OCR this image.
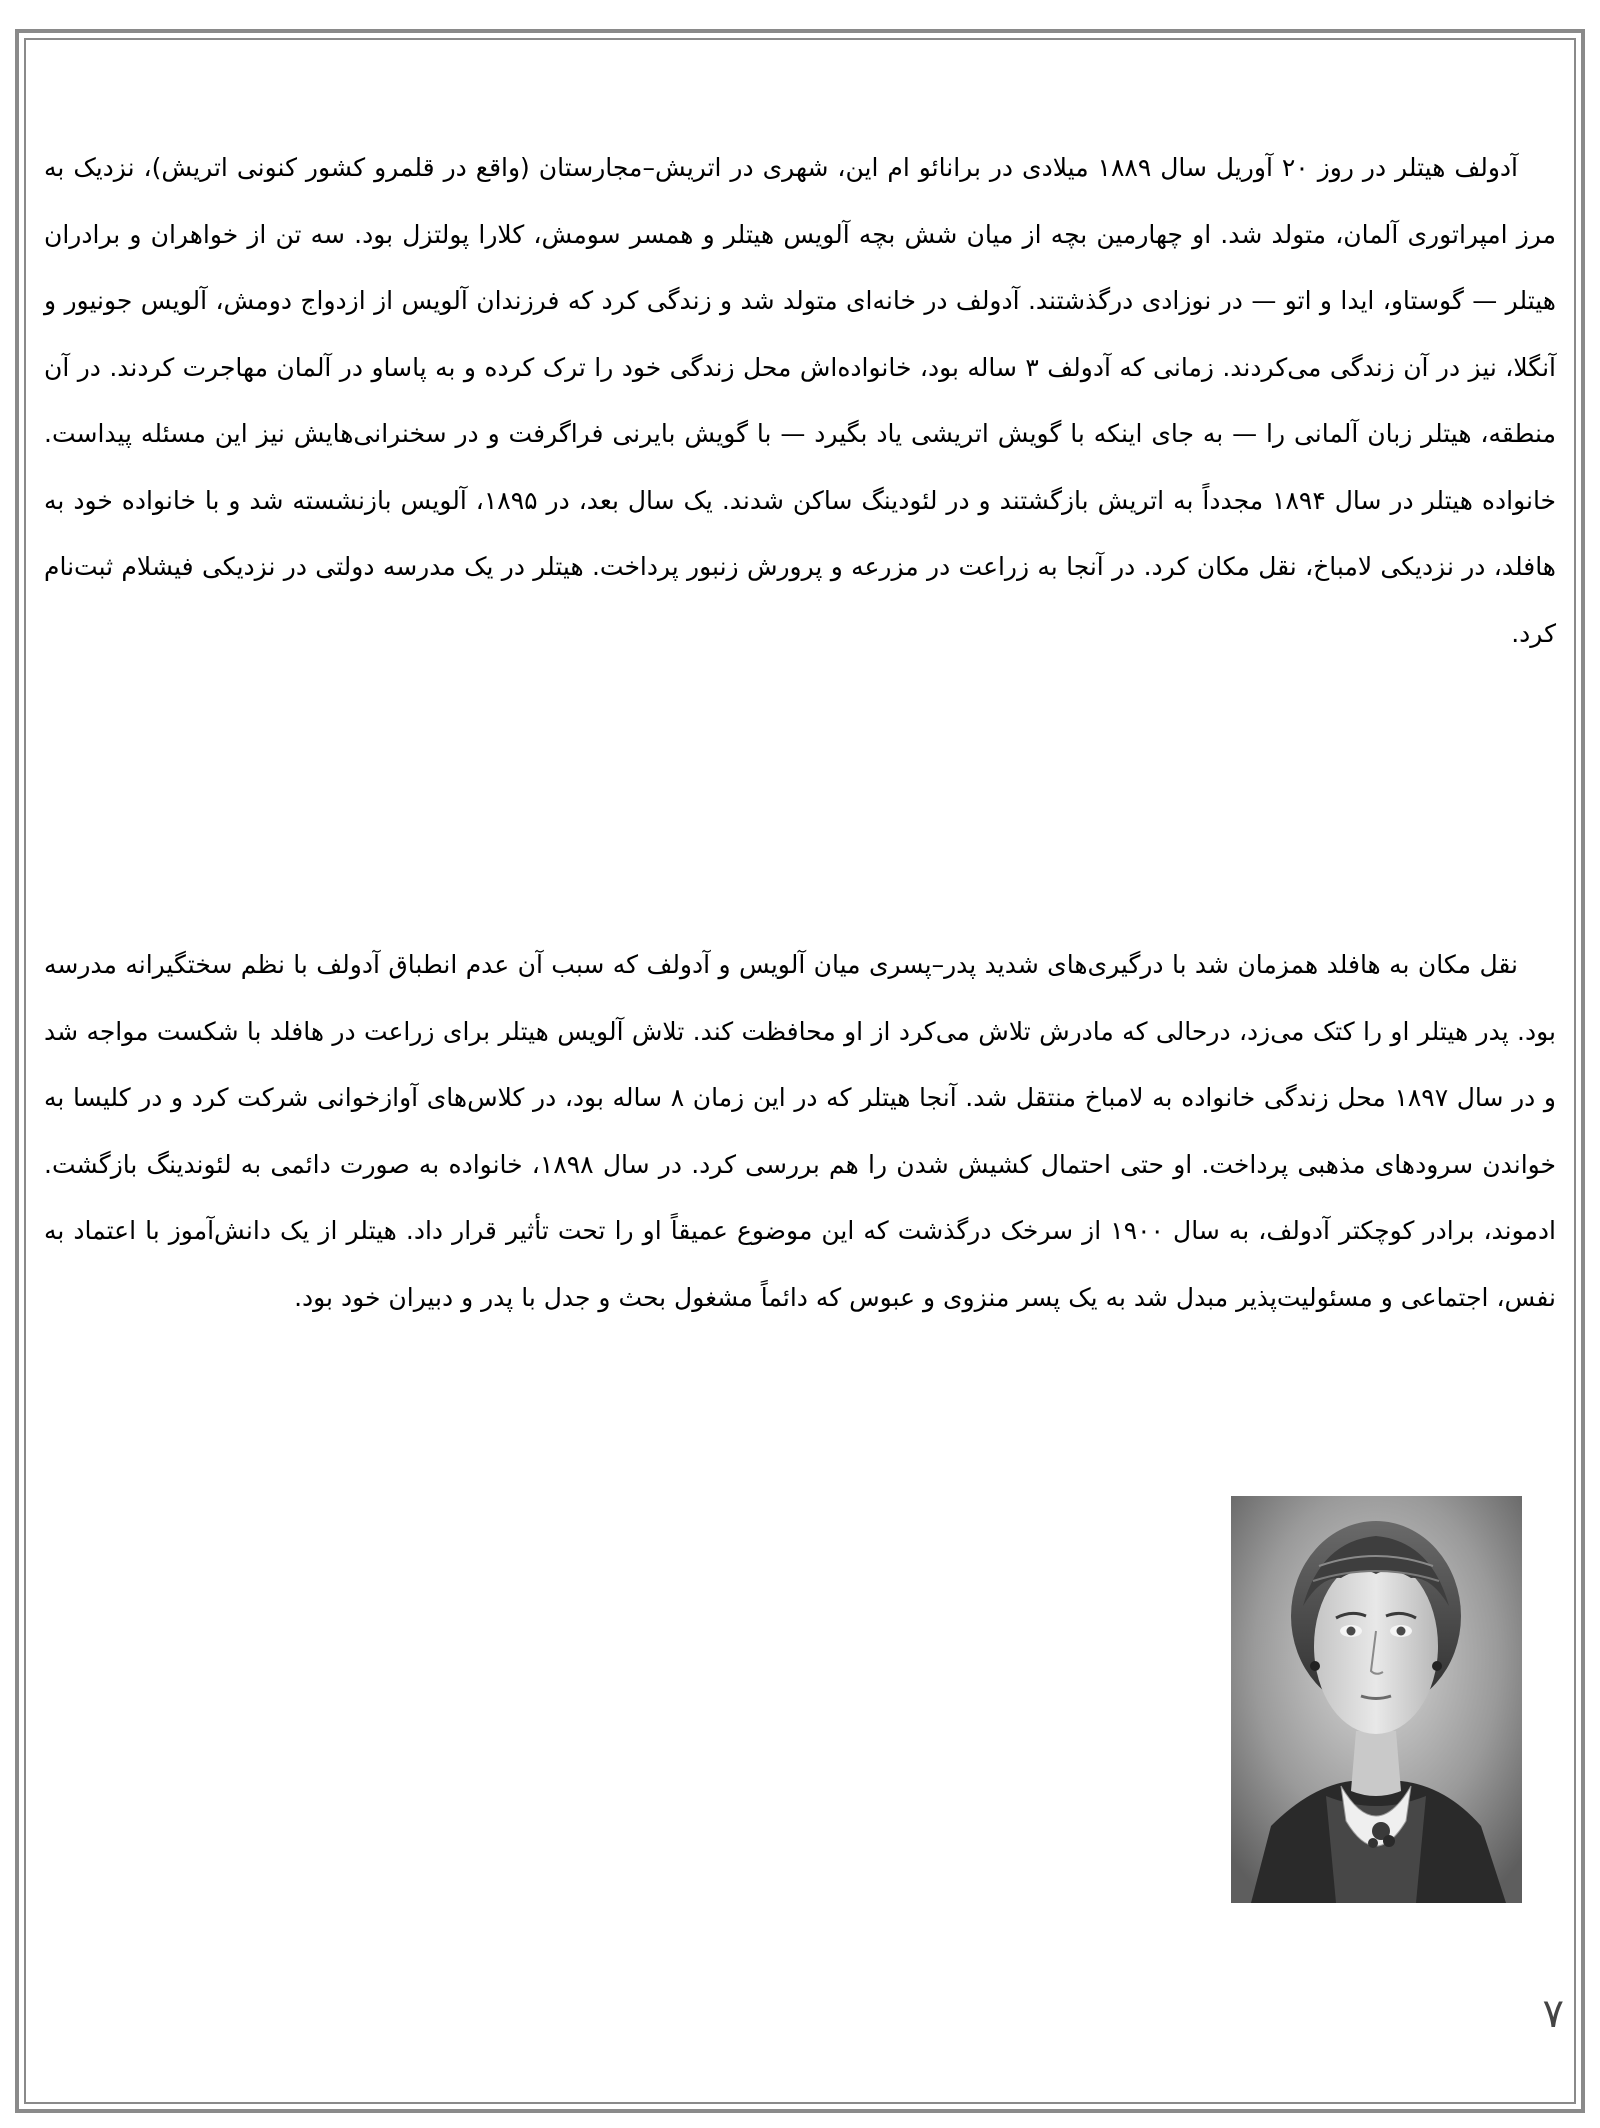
آدولف هیتلر در روز ۲۰ آوریل سال ۱۸۸۹ میلادی در برانائو ام این، شهری در اتریش–مجارستان (واقع در قلمرو کشور کنونی اتریش)، نزدیک به مرز امپراتوری آلمان، متولد شد. او چهارمین بچه از میان شش بچه آلویس هیتلر و همسر سومش، کلارا پولتزل بود. سه تن از خواهران و برادران هیتلر — گوستاو، ایدا و اتو — در نوزادی درگذشتند. آدولف در خانه‌ای متولد شد و زندگی کرد که فرزندان آلویس از ازدواج دومش، آلویس جونیور و آنگلا، نیز در آن زندگی می‌کردند. زمانی که آدولف ۳ ساله بود، خانواده‌اش محل زندگی خود را ترک کرده و به پاساو در آلمان مهاجرت کردند. در آن منطقه، هیتلر زبان آلمانی را — به جای اینکه با گویش اتریشی یاد بگیرد — با گویش بایرنی فراگرفت و در سخنرانی‌هایش نیز این مسئله پیداست. خانواده هیتلر در سال ۱۸۹۴ مجدداً به اتریش بازگشتند و در لئودینگ ساکن شدند. یک سال بعد، در ۱۸۹۵، آلویس بازنشسته شد و با خانواده خود به هافلد، در نزدیکی لامباخ، نقل مکان کرد. در آنجا به زراعت در مزرعه و پرورش زنبور پرداخت. هیتلر در یک مدرسه دولتی در نزدیکی فیشلام ثبت‌نام کرد.

نقل مکان به هافلد همزمان شد با درگیری‌های شدید پدر–پسری میان آلویس و آدولف که سبب آن عدم انطباق آدولف با نظم سختگیرانه مدرسه بود. پدر هیتلر او را کتک می‌زد، درحالی که مادرش تلاش می‌کرد از او محافظت کند. تلاش آلویس هیتلر برای زراعت در هافلد با شکست مواجه شد و در سال ۱۸۹۷ محل زندگی خانواده به لامباخ منتقل شد. آنجا هیتلر که در این زمان ۸ ساله بود، در کلاس‌های آوازخوانی شرکت کرد و در کلیسا به خواندن سرودهای مذهبی پرداخت. او حتی احتمال کشیش شدن را هم بررسی کرد. در سال ۱۸۹۸، خانواده به صورت دائمی به لئوندینگ بازگشت. ادموند، برادر کوچکتر آدولف، به سال ۱۹۰۰ از سرخک درگذشت که این موضوع عمیقاً او را تحت تأثیر قرار داد. هیتلر از یک دانش‌آموز با اعتماد به نفس، اجتماعی و مسئولیت‌پذیر مبدل شد به یک پسر منزوی و عبوس که دائماً مشغول بحث و جدل با پدر و دبیران خود بود.

۷
